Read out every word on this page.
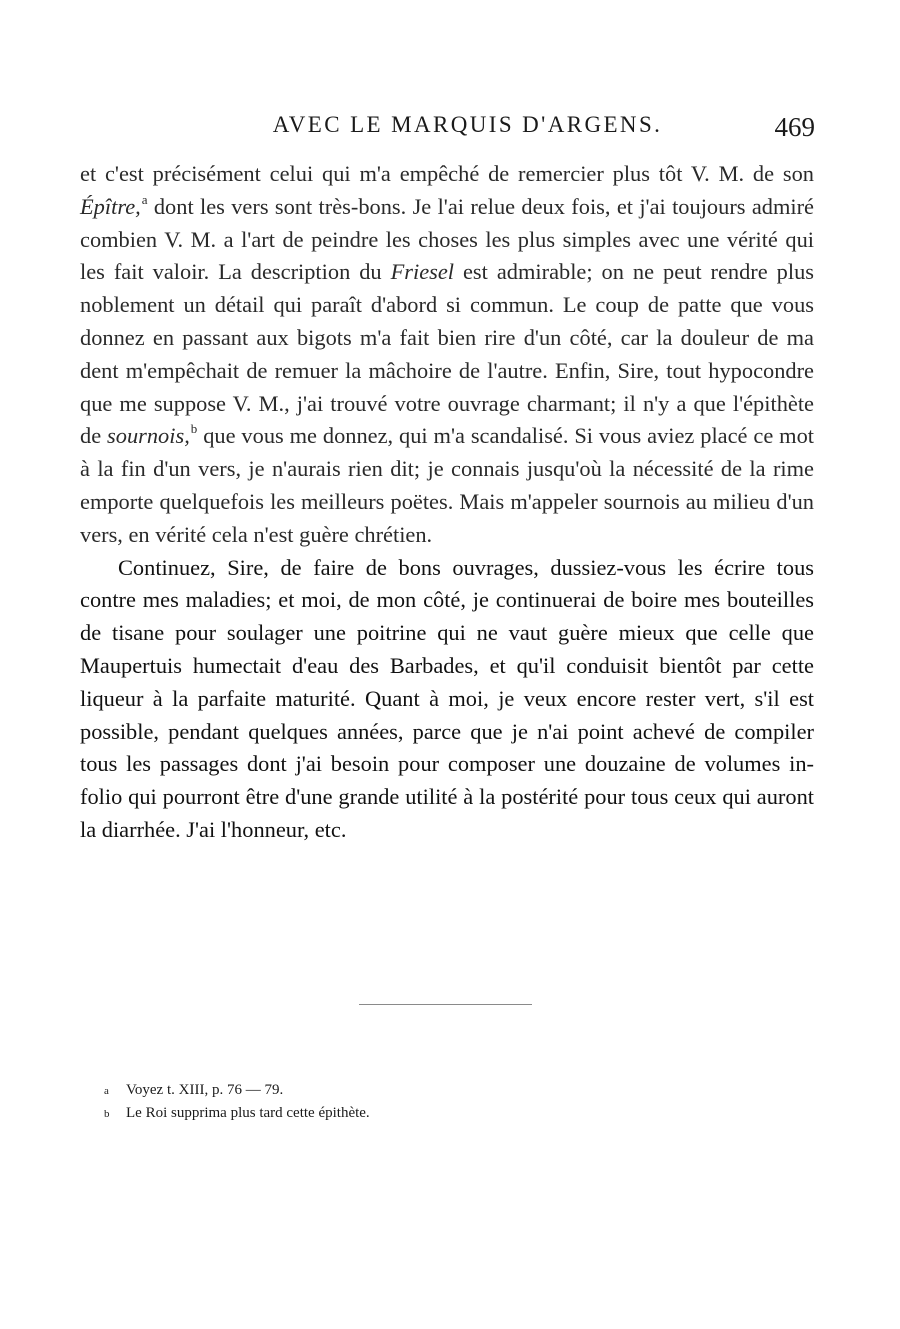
AVEC LE MARQUIS D'ARGENS.	469

et c'est précisément celui qui m'a empêché de remercier plus tôt V. M. de son Épître,$^a$ dont les vers sont très-bons. Je l'ai relue deux fois, et j'ai toujours admiré combien V. M. a l'art de peindre les choses les plus simples avec une vérité qui les fait valoir. La description du Friesel est admirable; on ne peut rendre plus noblement un détail qui paraît d'abord si commun. Le coup de patte que vous donnez en passant aux bigots m'a fait bien rire d'un côté, car la douleur de ma dent m'empêchait de remuer la mâchoire de l'autre. Enfin, Sire, tout hypocondre que me suppose V. M., j'ai trouvé votre ouvrage charmant; il n'y a que l'épithète de sournois,$^b$ que vous me donnez, qui m'a scandalisé. Si vous aviez placé ce mot à la fin d'un vers, je n'aurais rien dit; je connais jusqu'où la nécessité de la rime emporte quelquefois les meilleurs poëtes. Mais m'appeler sournois au milieu d'un vers, en vérité cela n'est guère chrétien.

Continuez, Sire, de faire de bons ouvrages, dussiez-vous les écrire tous contre mes maladies; et moi, de mon côté, je continuerai de boire mes bouteilles de tisane pour soulager une poitrine qui ne vaut guère mieux que celle que Maupertuis humectait d'eau des Barbades, et qu'il conduisit bientôt par cette liqueur à la parfaite maturité. Quant à moi, je veux encore rester vert, s'il est possible, pendant quelques années, parce que je n'ai point achevé de compiler tous les passages dont j'ai besoin pour composer une douzaine de volumes in-folio qui pourront être d'une grande utilité à la postérité pour tous ceux qui auront la diarrhée. J'ai l'honneur, etc.

a Voyez t. XIII, p. 76 — 79.

b Le Roi supprima plus tard cette épithète.
